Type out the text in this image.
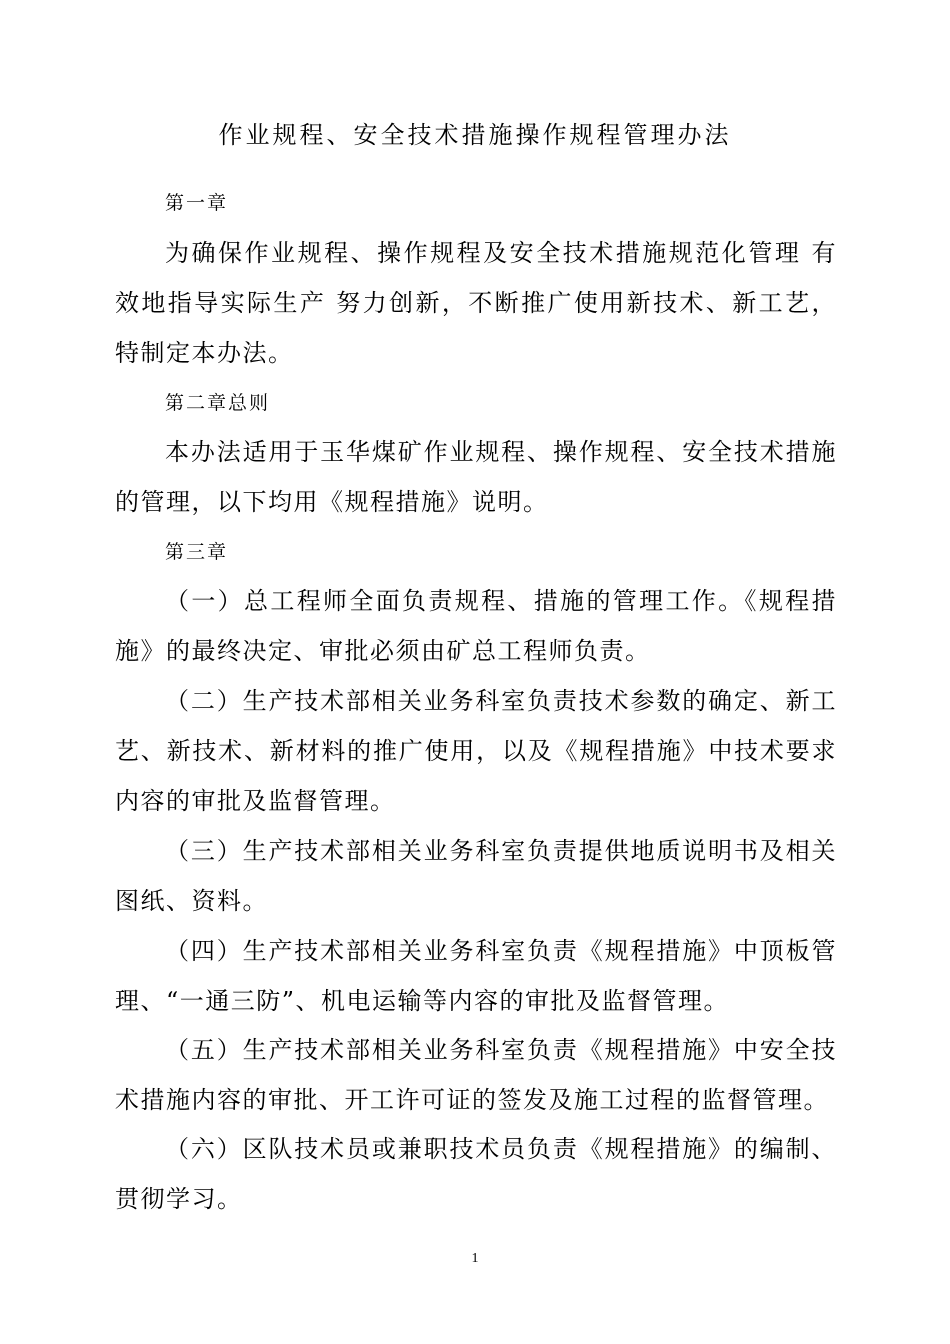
作业规程、安全技术措施操作规程管理办法
第一章

为确保作业规程、操作规程及安全技术措施规范化管理 有效地指导实际生产 努力创新，不断推广使用新技术、新工艺，特制定本办法。

第二章总则

本办法适用于玉华煤矿作业规程、操作规程、安全技术措施的管理，以下均用《规程措施》说明。

第三章

（一）总工程师全面负责规程、措施的管理工作。《规程措施》的最终决定、审批必须由矿总工程师负责。

（二）生产技术部相关业务科室负责技术参数的确定、新工艺、新技术、新材料的推广使用，以及《规程措施》中技术要求内容的审批及监督管理。

（三）生产技术部相关业务科室负责提供地质说明书及相关图纸、资料。

（四）生产技术部相关业务科室负责《规程措施》中顶板管理、“一通三防”、机电运输等内容的审批及监督管理。

（五）生产技术部相关业务科室负责《规程措施》中安全技术措施内容的审批、开工许可证的签发及施工过程的监督管理。

（六）区队技术员或兼职技术员负责《规程措施》的编制、贯彻学习。

1
